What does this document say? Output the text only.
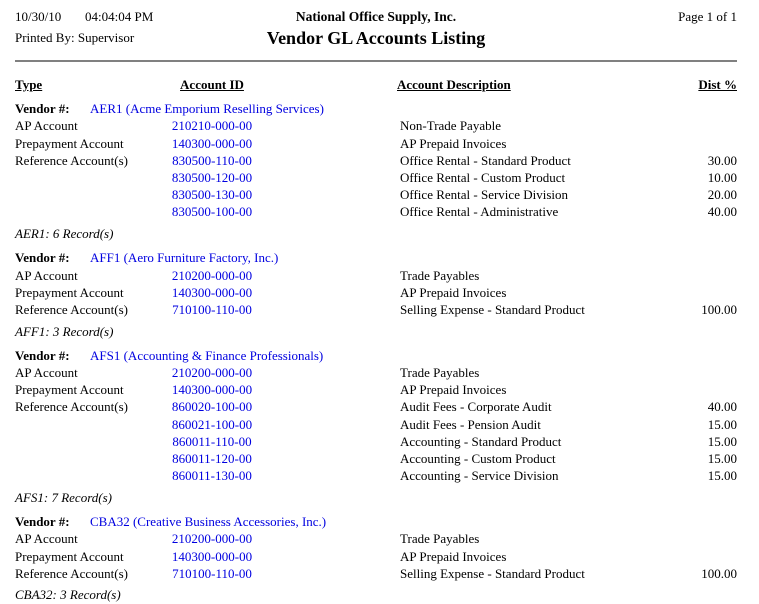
10/30/10	04:04:04 PM	Page 1 of 1
National Office Supply, Inc.
Vendor GL Accounts Listing
Printed By: Supervisor
Type	Account ID	Account Description	Dist %
Vendor #:	AER1 (Acme Emporium Reselling Services)
AP Account	210210-000-00	Non-Trade Payable
Prepayment Account	140300-000-00	AP Prepaid Invoices
Reference Account(s)	830500-110-00	Office Rental - Standard Product	30.00
830500-120-00	Office Rental - Custom Product	10.00
830500-130-00	Office Rental - Service Division	20.00
830500-100-00	Office Rental - Administrative	40.00
AER1: 6 Record(s)
Vendor #:	AFF1 (Aero Furniture Factory, Inc.)
AP Account	210200-000-00	Trade Payables
Prepayment Account	140300-000-00	AP Prepaid Invoices
Reference Account(s)	710100-110-00	Selling Expense - Standard Product	100.00
AFF1: 3 Record(s)
Vendor #:	AFS1 (Accounting & Finance Professionals)
AP Account	210200-000-00	Trade Payables
Prepayment Account	140300-000-00	AP Prepaid Invoices
Reference Account(s)	860020-100-00	Audit Fees - Corporate Audit	40.00
860021-100-00	Audit Fees - Pension Audit	15.00
860011-110-00	Accounting - Standard Product	15.00
860011-120-00	Accounting - Custom Product	15.00
860011-130-00	Accounting - Service Division	15.00
AFS1: 7 Record(s)
Vendor #:	CBA32 (Creative Business Accessories, Inc.)
AP Account	210200-000-00	Trade Payables
Prepayment Account	140300-000-00	AP Prepaid Invoices
Reference Account(s)	710100-110-00	Selling Expense - Standard Product	100.00
CBA32: 3 Record(s)
